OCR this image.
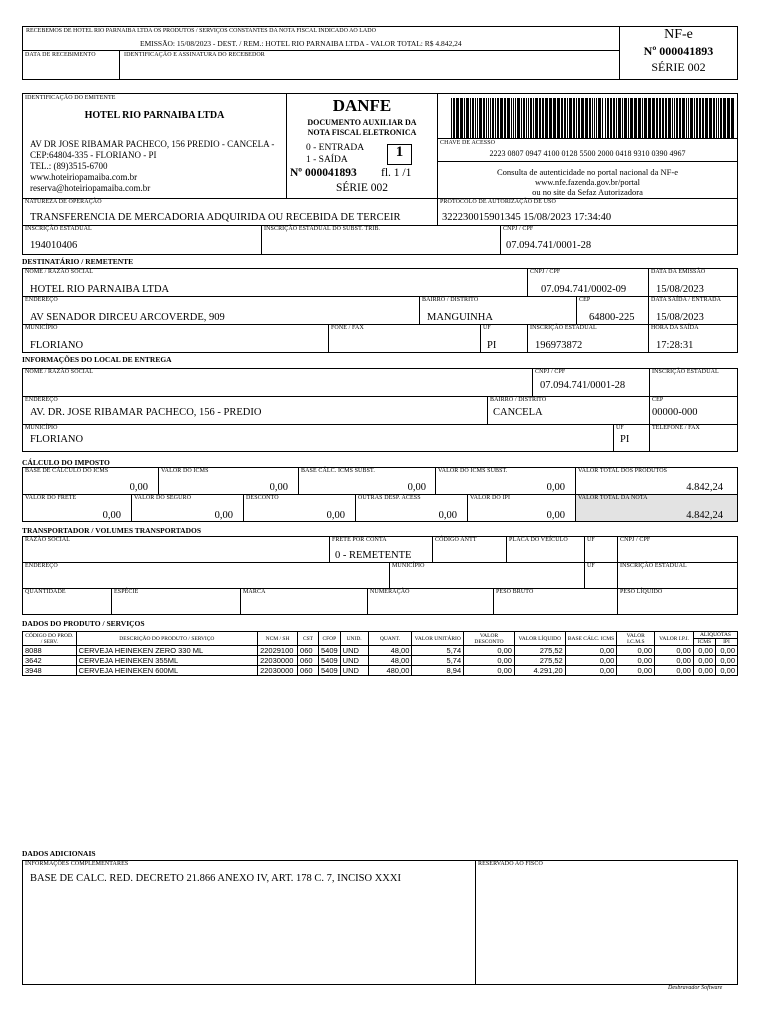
RECEBEMOS DE HOTEL RIO PARNAIBA LTDA OS PRODUTOS / SERVIÇOS CONSTANTES DA NOTA FISCAL INDICADO AO LADO
EMISSÃO: 15/08/2023 - DEST. / REM.: HOTEL RIO PARNAIBA LTDA - VALOR TOTAL: R$ 4.842,24
DATA DE RECEBIMENTO	IDENTIFICAÇÃO E ASSINATURA DO RECEBEDOR
NF-e
Nº 000041893
SÉRIE 002
IDENTIFICAÇÃO DO EMITENTE
HOTEL RIO PARNAIBA LTDA
AV DR JOSE RIBAMAR PACHECO, 156 PREDIO - CANCELA -
CEP:64804-335 - FLORIANO - PI
TEL.: (89)3515-6700
www.hoteiriopamaiba.com.br
reserva@hoteiriopamaiba.com.br
DANFE
DOCUMENTO AUXILIAR DA
NOTA FISCAL ELETRONICA
0 - ENTRADA
1 - SAÍDA	1
Nº 000041893 fl. 1 /1
SÉRIE 002
CHAVE DE ACESSO
2223 0807 0947 4100 0128 5500 2000 0418 9310 0390 4967
Consulta de autenticidade no portal nacional da NF-e
www.nfe.fazenda.gov.br/portal
ou no site da Sefaz Autorizadora
NATUREZA DE OPERAÇÃO
TRANSFERENCIA DE MERCADORIA ADQUIRIDA OU RECEBIDA DE TERCEIR
PROTOCOLO DE AUTORIZAÇÃO DE USO
322230015901345 15/08/2023 17:34:40
INSCRIÇÃO ESTADUAL
194010406
INSCRIÇÃO ESTADUAL DO SUBST. TRIB.	CNPJ / CPF
07.094.741/0001-28
DESTINATÁRIO / REMETENTE
NOME / RAZÃO SOCIAL
HOTEL RIO PARNAIBA LTDA
CNPJ / CPF
07.094.741/0002-09
DATA DA EMISSÃO
15/08/2023
ENDEREÇO
AV SENADOR DIRCEU ARCOVERDE, 909
BAIRRO / DISTRITO
MANGUINHA
CEP
64800-225
DATA SAÍDA / ENTRADA
15/08/2023
MUNICÍPIO
FLORIANO
FONE / FAX	UF
PI
INSCRIÇÃO ESTADUAL
196973872
HORA DA SAÍDA
17:28:31
INFORMAÇÕES DO LOCAL DE ENTREGA
NOME / RAZÃO SOCIAL	CNPJ / CPF
07.094.741/0001-28
INSCRIÇÃO ESTADUAL
ENDEREÇO
AV. DR. JOSE RIBAMAR PACHECO, 156 - PREDIO
BAIRRO / DISTRITO
CANCELA
CEP
00000-000
MUNICÍPIO
FLORIANO
UF
PI
TELEFONE / FAX
CÁLCULO DO IMPOSTO
BASE DE CÁLCULO DO ICMS
0,00
VALOR DO ICMS
0,00
BASE CÁLC. ICMS SUBST.
0,00
VALOR DO ICMS SUBST.
0,00
VALOR TOTAL DOS PRODUTOS
4.842,24
VALOR DO FRETE
0,00
VALOR DO SEGURO
0,00
DESCONTO
0,00
OUTRAS DESP. ACESS
0,00
VALOR DO IPI
0,00
VALOR TOTAL DA NOTA
4.842,24
TRANSPORTADOR / VOLUMES TRANSPORTADOS
RAZÃO SOCIAL	FRETE POR CONTA
0 - REMETENTE
CÓDIGO ANTT	PLACA DO VEÍCULO	UF	CNPJ / CPF
ENDEREÇO	MUNICÍPIO	UF	INSCRIÇÃO ESTADUAL
QUANTIDADE	ESPÉCIE	MARCA	NUMERAÇÃO	PESO BRUTO	PESO LÍQUIDO
DADOS DO PRODUTO / SERVIÇOS
CÓDIGO DO PROD. / SERV.	DESCRIÇÃO DO PRODUTO / SERVIÇO	NCM / SH	CST	CFOP	UNID.	QUANT.	VALOR UNITÁRIO	VALOR DESCONTO	VALOR LÍQUIDO	BASE CÁLC. ICMS	VALOR I.C.M.S	VALOR I.P.I.	ALIQUOTAS	
													ICMS	IPI
8088	CERVEJA HEINEKEN ZERO 330 ML	22029100	060	5409	UND	48,00	5,74	0,00	275,52	0,00	0,00	0,00	0,00	0,00
3642	CERVEJA HEINEKEN 355ML	22030000	060	5409	UND	48,00	5,74	0,00	275,52	0,00	0,00	0,00	0,00	0,00
3948	CERVEJA HEINEKEN 600ML	22030000	060	5409	UND	480,00	8,94	0,00	4.291,20	0,00	0,00	0,00	0,00	0,00
DADOS ADICIONAIS
INFORMAÇÕES COMPLEMENTARES
BASE DE CALC. RED. DECRETO 21.866 ANEXO IV, ART. 178 C. 7, INCISO XXXI
RESERVADO AO FISCO
Desbravador Software
